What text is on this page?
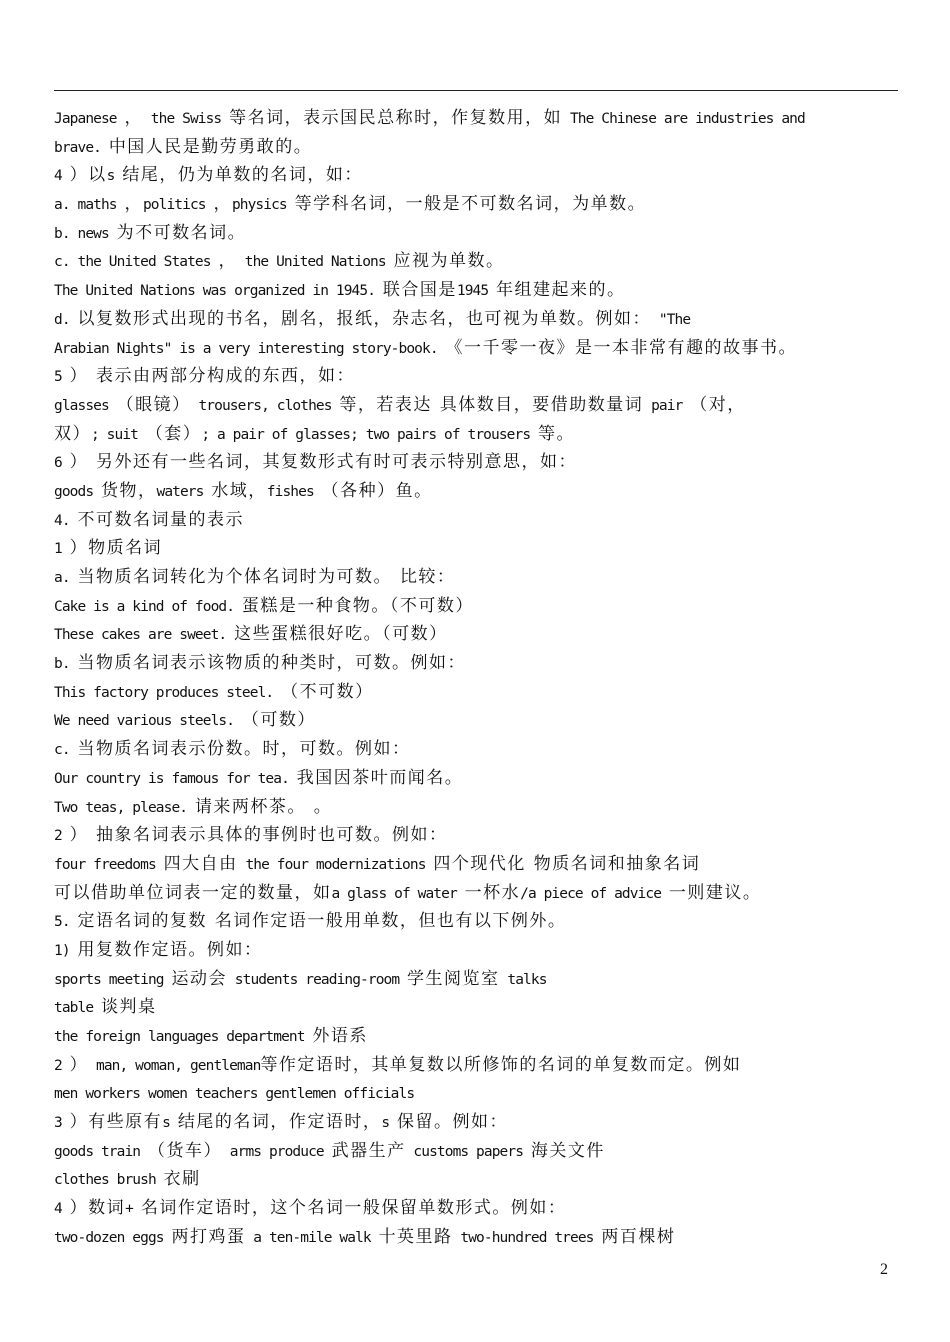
Japanese ， the Swiss 等名词，表示国民总称时，作复数用，如 The Chinese are industries and
brave. 中国人民是勤劳勇敢的。
4 ）以s 结尾，仍为单数的名词，如：
a. maths ，politics ，physics 等学科名词，一般是不可数名词，为单数。
b. news 为不可数名词。
c. the United States ， the United Nations 应视为单数。
The United Nations was organized in 1945. 联合国是1945 年组建起来的。
d. 以复数形式出现的书名，剧名，报纸，杂志名，也可视为单数。例如： "The
Arabian Nights" is a very interesting story-book. 《一千零一夜》是一本非常有趣的故事书。
5 ） 表示由两部分构成的东西，如：
glasses （眼镜） trousers, clothes 等，若表达 具体数目，要借助数量词 pair （对，
双）; suit （套）; a pair of glasses; two pairs of trousers 等。
6 ） 另外还有一些名词，其复数形式有时可表示特别意思，如：
goods 货物，waters 水域，fishes （各种）鱼。
4. 不可数名词量的表示
1 ）物质名词
a. 当物质名词转化为个体名词时为可数。 比较：
Cake is a kind of food. 蛋糕是一种食物。（不可数）
These cakes are sweet. 这些蛋糕很好吃。（可数）
b. 当物质名词表示该物质的种类时，可数。例如：
This factory produces steel. （不可数）
We need various steels. （可数）
c. 当物质名词表示份数。时，可数。例如：
Our country is famous for tea. 我国因茶叶而闻名。
Two teas, please. 请来两杯茶。 。
2 ） 抽象名词表示具体的事例时也可数。例如：
four freedoms 四大自由 the four modernizations 四个现代化 物质名词和抽象名词
可以借助单位词表一定的数量，如a glass of water 一杯水/a piece of advice 一则建议。
5. 定语名词的复数 名词作定语一般用单数，但也有以下例外。
1) 用复数作定语。例如：
sports meeting 运动会 students reading-room 学生阅览室 talks
table 谈判桌
the foreign languages department 外语系
2 ） man, woman, gentleman等作定语时，其单复数以所修饰的名词的单复数而定。例如
men workers women teachers gentlemen officials
3 ）有些原有s 结尾的名词，作定语时，s 保留。例如：
goods train （货车） arms produce 武器生产 customs papers 海关文件
clothes brush 衣刷
4 ）数词+ 名词作定语时，这个名词一般保留单数形式。例如：
two-dozen eggs 两打鸡蛋 a ten-mile walk 十英里路 two-hundred trees 两百棵树
2
